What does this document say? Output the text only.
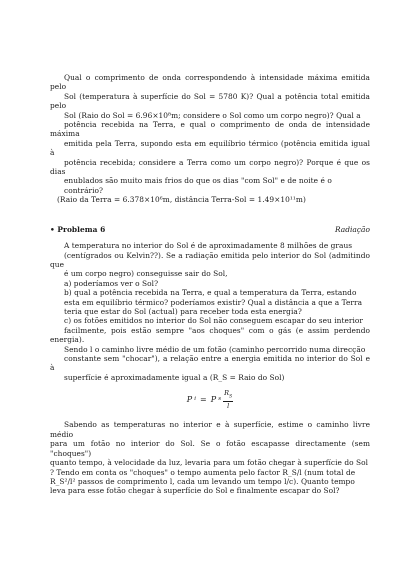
Qual o comprimento de onda correspondendo à intensidade máxima emitida pelo
Sol (temperatura à superfície do Sol = 5780 K)? Qual a potência total emitida pelo
Sol (Raio do Sol = 6.96×10⁸m; considere o Sol como um corpo negro)? Qual a
potência recebida na Terra, e qual o comprimento de onda de intensidade máxima
emitida pela Terra, supondo esta em equilíbrio térmico (potência emitida igual à
potência recebida; considere a Terra como um corpo negro)? Porque é que os dias
enublados são muito mais frios do que os dias "com Sol" e de noite é o
contrário?
(Raio da Terra = 6.378×10⁶m, distância Terra-Sol = 1.49×10¹¹m)
• Problema 6	Radiação
A temperatura no interior do Sol é de aproximadamente 8 milhões de graus
(centígrados ou Kelvin??). Se a radiação emitida pelo interior do Sol (admitindo que
é um corpo negro) conseguisse sair do Sol,
a) poderíamos ver o Sol?
b) qual a potência recebida na Terra, e qual a temperatura da Terra, estando
esta em equilíbrio térmico? poderíamos existir? Qual a distância a que a Terra
teria que estar do Sol (actual) para receber toda esta energia?
c) os fotões emitidos no interior do Sol não conseguem escapar do seu interior
facilmente, pois estão sempre "aos choques" com o gás (e assim perdendo energia).
Sendo l o caminho livre médio de um fotão (caminho percorrido numa direcção
constante sem "chocar"), a relação entre a energia emitida no interior do Sol e à
superfície é aproximadamente igual a (R_S = Raio do Sol)
P i = P s $\frac{R_S}{l}$
Sabendo as temperaturas no interior e à superfície, estime o caminho livre médio
para um fotão no interior do Sol. Se o fotão escapasse directamente (sem "choques")
quanto tempo, à velocidade da luz, levaria para um fotão chegar à superfície do Sol
? Tendo em conta os "choques" o tempo aumenta pelo factor R_S/l (num total de
R_S²/l² passos de comprimento l, cada um levando um tempo l/c). Quanto tempo
leva para esse fotão chegar à superfície do Sol e finalmente escapar do Sol?
